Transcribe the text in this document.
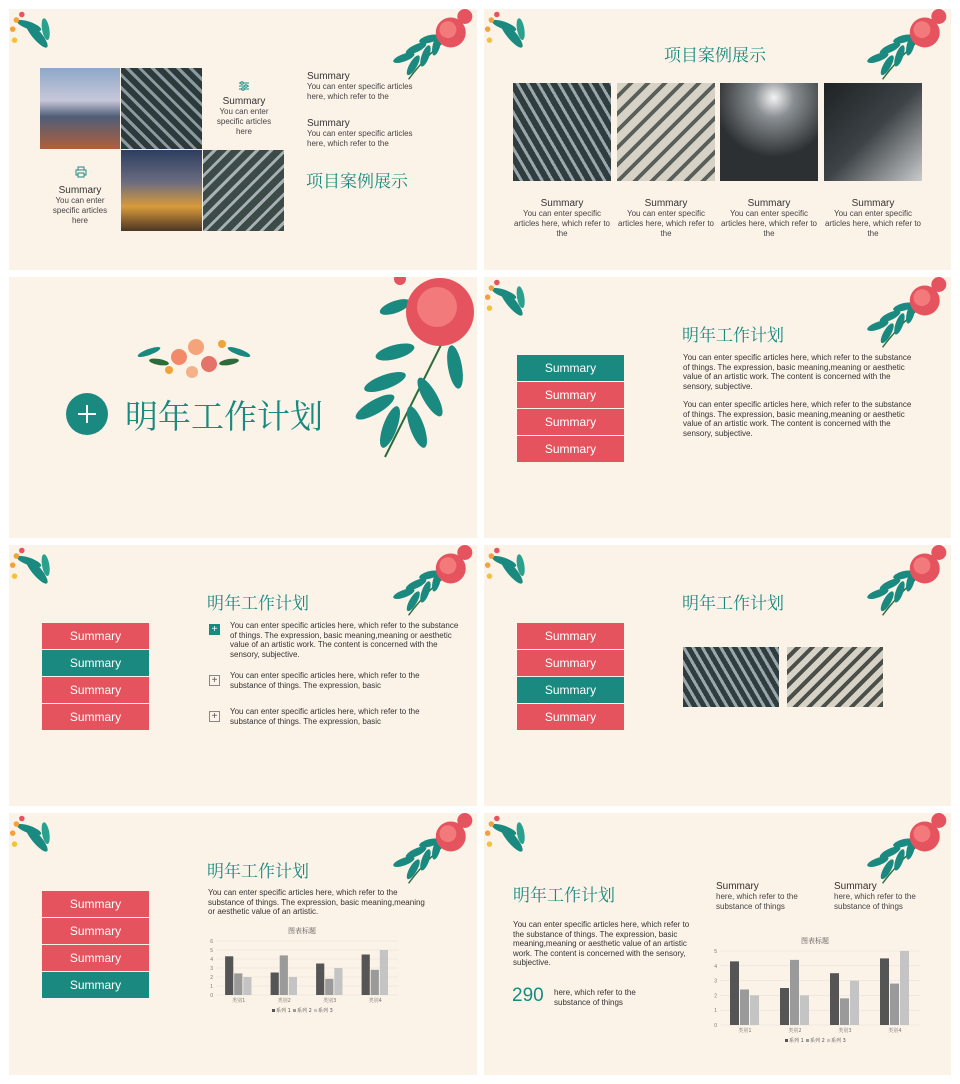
Summary
You can enter specific articles here
Summary
You can enter specific articles here
Summary
You can enter specific articles here, which refer to the
Summary
You can enter specific articles here, which refer to the
项目案例展示
项目案例展示
Summary
You can enter specific articles here, which refer to the
Summary
You can enter specific articles here, which refer to the
Summary
You can enter specific articles here, which refer to the
Summary
You can enter specific articles here, which refer to the
明年工作计划
明年工作计划
Summary
Summary
Summary
Summary
You can enter specific articles here, which refer to the substance of things. The expression, basic meaning,meaning or aesthetic value of an artistic work. The content is concerned with the sensory, subjective.
You can enter specific articles here, which refer to the substance of things. The expression, basic meaning,meaning or aesthetic value of an artistic work. The content is concerned with the sensory, subjective.
明年工作计划
Summary
Summary
Summary
Summary
+	You can enter specific articles here, which refer to the substance of things. The expression, basic meaning,meaning or aesthetic value of an artistic work. The content is concerned with the sensory, subjective.
+	You can enter specific articles here, which refer to the substance of things. The expression, basic
+	You can enter specific articles here, which refer to the substance of things. The expression, basic
明年工作计划
Summary
Summary
Summary
Summary
明年工作计划
Summary
Summary
Summary
Summary
You can enter specific articles here, which refer to the substance of things. The expression, basic meaning,meaning or aesthetic value of an artistic.
图表标题
0
1
2
3
4
5
6
类别1	类别2	类别3	类别4
系列 1 系列 2 系列 3
明年工作计划
You can enter specific articles here, which refer to the substance of things. The expression, basic meaning,meaning or aesthetic value of an artistic work. The content is concerned with the sensory, subjective.
290 here, which refer to the substance of things
Summary
here, which refer to the substance of things
Summary
here, which refer to the substance of things
图表标题
0
1
2
3
4
5
类别1	类别2	类别3	类别4
系列 1 系列 2 系列 3
